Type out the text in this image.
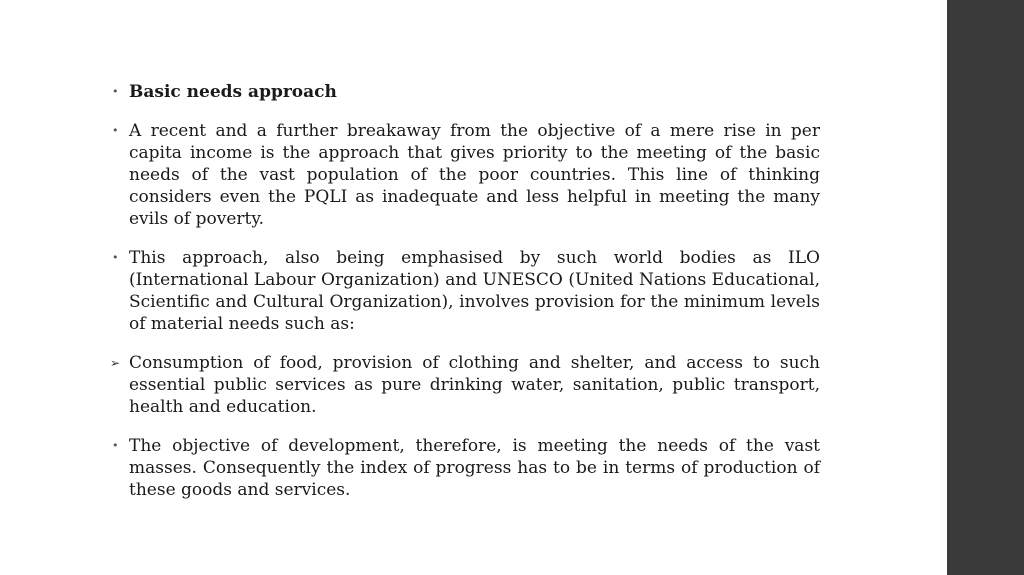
• Basic needs approach
• A recent and a further breakaway from the objective of a mere rise in per capita income is the approach that gives priority to the meeting of the basic needs of the vast population of the poor countries. This line of thinking considers even the PQLI as inadequate and less helpful in meeting the many evils of poverty.
• This approach, also being emphasised by such world bodies as ILO (International Labour Organization) and UNESCO (United Nations Educational, Scientific and Cultural Organization), involves provision for the minimum levels of material needs such as:
➢ Consumption of food, provision of clothing and shelter, and access to such essential public services as pure drinking water, sanitation, public transport, health and education.
• The objective of development, therefore, is meeting the needs of the vast masses. Consequently the index of progress has to be in terms of production of these goods and services.
